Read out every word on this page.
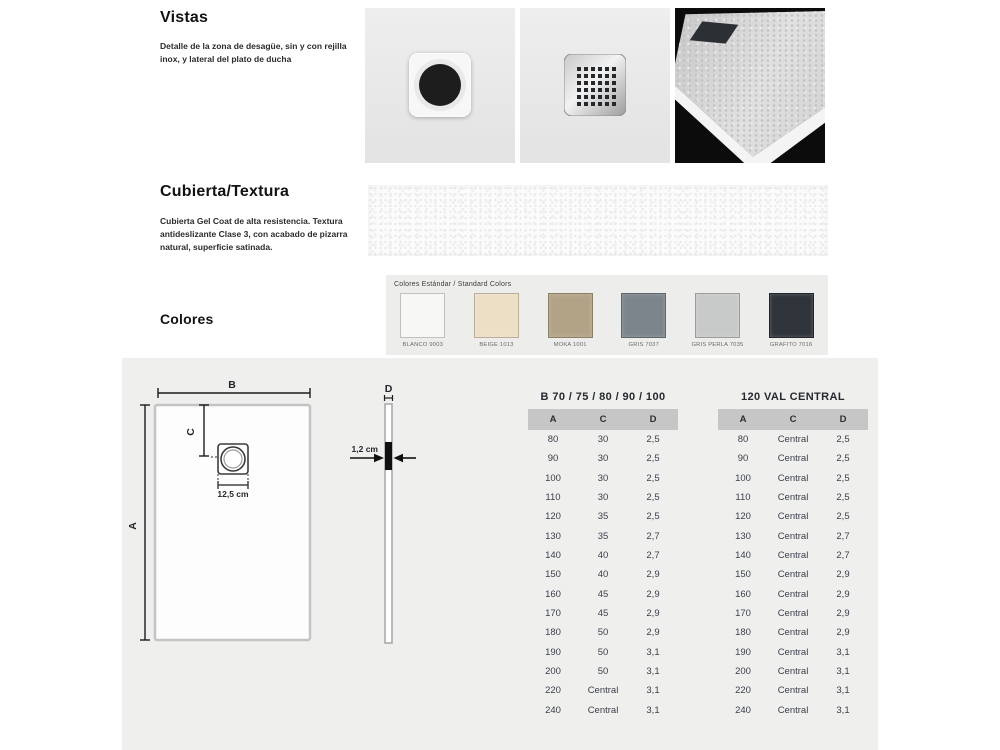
Vistas

Detalle de la zona de desagüe, sin y con rejilla inox, y lateral del plato de ducha

Cubierta/Textura

Cubierta Gel Coat de alta resistencia. Textura antideslizante Clase 3, con acabado de pizarra natural, superficie satinada.

Colores
Colores Estándar / Standard Colors
BLANCO 9003	BEIGE 1013	MOKA 1001	GRIS 7037	GRIS PERLA 7035	GRAFITO 7016
B
A
C
D
12,5 cm
1,2 cm
B 70 / 75 / 80 / 90 / 100
A	C	D
80	30	2,5
90	30	2,5
100	30	2,5
110	30	2,5
120	35	2,5
130	35	2,7
140	40	2,7
150	40	2,9
160	45	2,9
170	45	2,9
180	50	2,9
190	50	3,1
200	50	3,1
220	Central	3,1
240	Central	3,1
120 VAL CENTRAL
A	C	D
80	Central	2,5
90	Central	2,5
100	Central	2,5
110	Central	2,5
120	Central	2,5
130	Central	2,7
140	Central	2,7
150	Central	2,9
160	Central	2,9
170	Central	2,9
180	Central	2,9
190	Central	3,1
200	Central	3,1
220	Central	3,1
240	Central	3,1
